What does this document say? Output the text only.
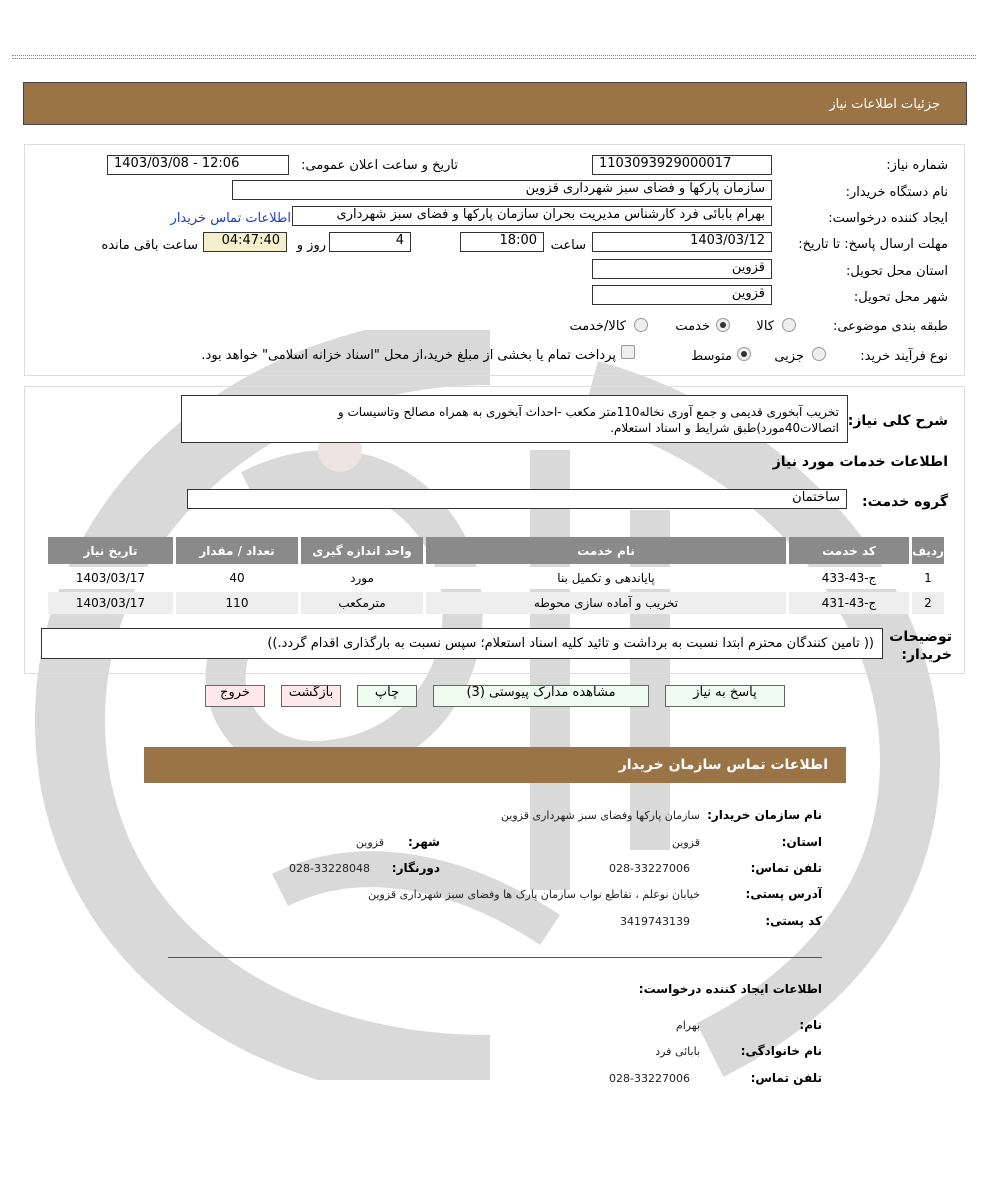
جزئیات اطلاعات نیاز
شماره نیاز:
1103093929000017
تاریخ و ساعت اعلان عمومی:
1403/03/08 - 12:06
نام دستگاه خریدار:
سازمان پارکها و فضای سبز شهرداری قزوین
ایجاد کننده درخواست:
بهرام بابائی فرد کارشناس مدیریت بحران سازمان پارکها و فضای سبز شهرداری
اطلاعات تماس خریدار
مهلت ارسال پاسخ: تا تاریخ:
1403/03/12
ساعت
18:00
4
روز و
04:47:40
ساعت باقی مانده
استان محل تحویل:
قزوین
شهر محل تحویل:
قزوین
طبقه بندی موضوعی:
کالا
خدمت
کالا/خدمت
نوع فرآیند خرید:
جزیی
متوسط
پرداخت تمام یا بخشی از مبلغ خرید،از محل "اسناد خزانه اسلامی" خواهد بود.
شرح کلی نیاز:
تخریب آبخوری قدیمی و جمع آوری نخاله110متر مکعب -احداث آبخوری به همراه مصالح وتاسیسات و
اتصالات40مورد)طبق شرایط و اسناد استعلام.
اطلاعات خدمات مورد نیاز
گروه خدمت:
ساختمان
ردیف	کد خدمت	نام خدمت	واحد اندازه گیری	تعداد / مقدار	تاریخ نیاز
1	ج-43-433	پایاندهی و تکمیل بنا	مورد	40	1403/03/17
2	ج-43-431	تخریب و آماده سازی محوطه	مترمکعب	110	1403/03/17
توضیحات خریدار:
(( تامین کنندگان محترم ابتدا نسبت به برداشت و تائید کلیه اسناد استعلام؛ سپس نسبت به بارگذاری اقدام گردد.))
پاسخ به نیاز
مشاهده مدارک پیوستی (3)
چاپ
بازگشت
خروج
اطلاعات تماس سازمان خریدار
نام سازمان خریدار:
سازمان پارکها وفضای سبز شهرداری قزوین
استان:
قزوین
شهر:
قزوین
تلفن تماس:
028-33227006
دورنگار:
028-33228048
آدرس پستی:
خیابان نوعلم ، تقاطع نواب سازمان پارک ها وفضای سبز شهرداری قزوین
کد پستی:
3419743139
اطلاعات ایجاد کننده درخواست:
نام:
بهرام
نام خانوادگی:
بابائی فرد
تلفن تماس:
028-33227006
